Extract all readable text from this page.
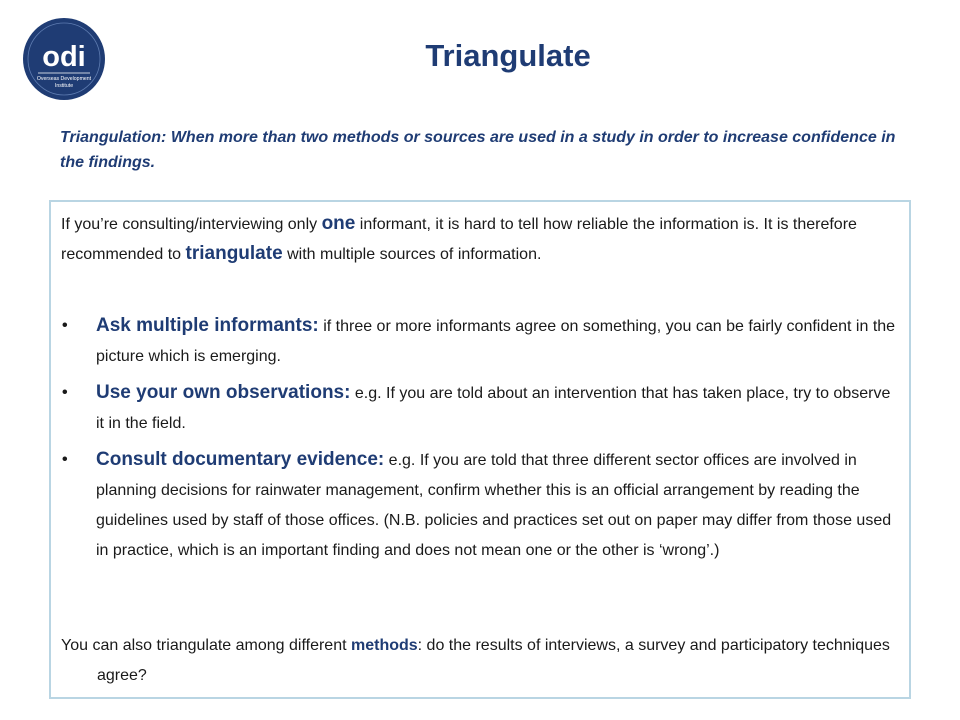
odi
Overseas Development
Institute
Triangulate

Triangulation: When more than two methods or sources are used in a study in order to increase confidence in the findings.

If you’re consulting/interviewing only one informant, it is hard to tell how reliable the information is. It is therefore recommended to triangulate with multiple sources of information.

• Ask multiple informants: if three or more informants agree on something, you can be fairly confident in the picture which is emerging.
• Use your own observations: e.g. If you are told about an intervention that has taken place, try to observe it in the field.
• Consult documentary evidence: e.g. If you are told that three different sector offices are involved in planning decisions for rainwater management, confirm whether this is an official arrangement by reading the guidelines used by staff of those offices. (N.B. policies and practices set out on paper may differ from those used in practice, which is an important finding and does not mean one or the other is ‘wrong’.)

You can also triangulate among different methods: do the results of interviews, a survey and participatory techniques agree?
